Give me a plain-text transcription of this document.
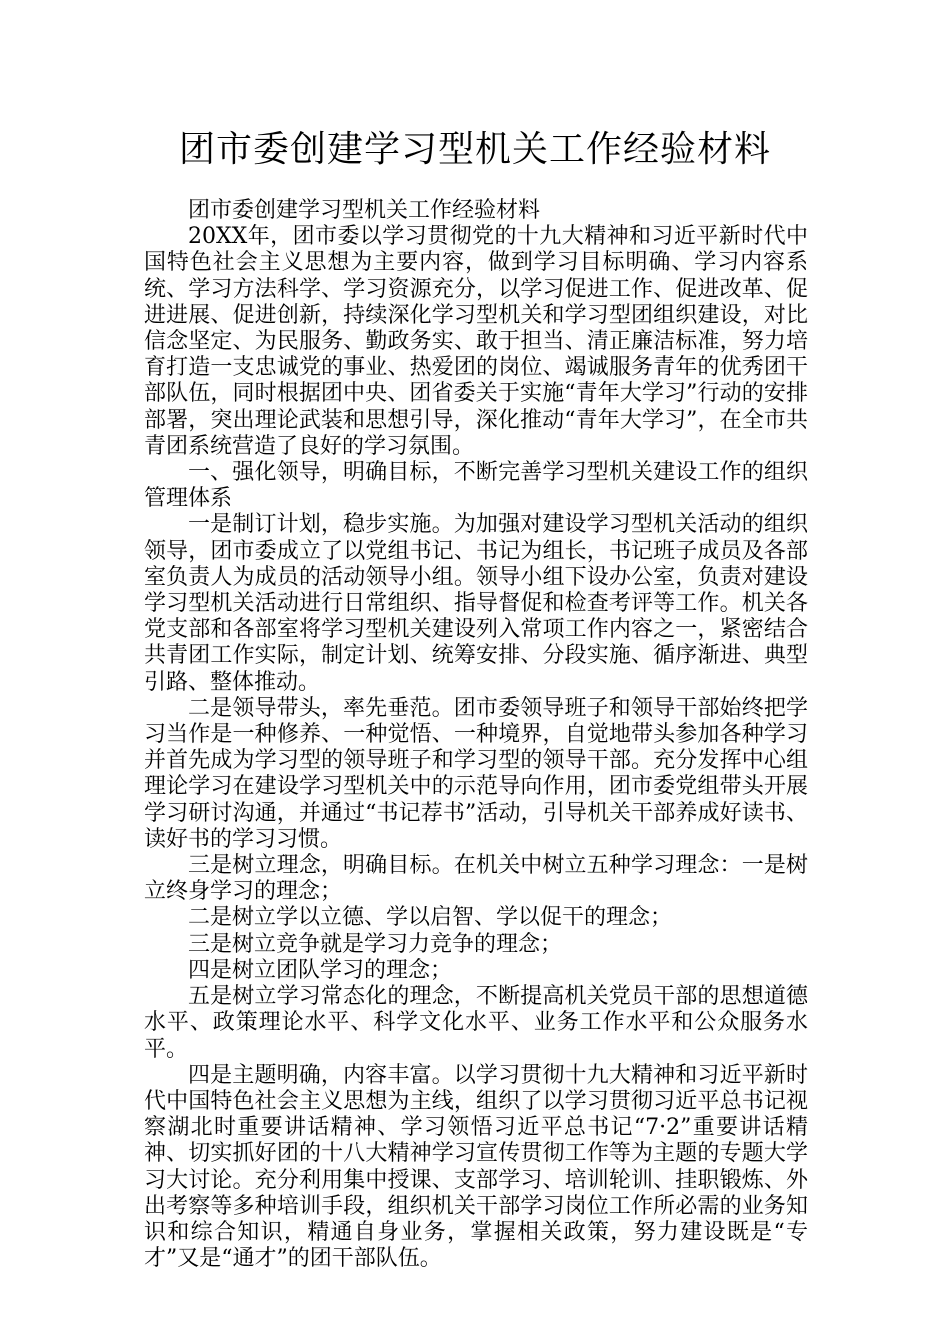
团市委创建学习型机关工作经验材料

团市委创建学习型机关工作经验材料

20XX年，团市委以学习贯彻党的十九大精神和习近平新时代中国特色社会主义思想为主要内容，做到学习目标明确、学习内容系统、学习方法科学、学习资源充分，以学习促进工作、促进改革、促进进展、促进创新，持续深化学习型机关和学习型团组织建设，对比信念坚定、为民服务、勤政务实、敢于担当、清正廉洁标准，努力培育打造一支忠诚党的事业、热爱团的岗位、竭诚服务青年的优秀团干部队伍，同时根据团中央、团省委关于实施“青年大学习”行动的安排部署，突出理论武装和思想引导，深化推动“青年大学习”，在全市共青团系统营造了良好的学习氛围。

一、强化领导，明确目标，不断完善学习型机关建设工作的组织管理体系

一是制订计划，稳步实施。为加强对建设学习型机关活动的组织领导，团市委成立了以党组书记、书记为组长，书记班子成员及各部室负责人为成员的活动领导小组。领导小组下设办公室，负责对建设学习型机关活动进行日常组织、指导督促和检查考评等工作。机关各党支部和各部室将学习型机关建设列入常项工作内容之一，紧密结合共青团工作实际，制定计划、统筹安排、分段实施、循序渐进、典型引路、整体推动。

二是领导带头，率先垂范。团市委领导班子和领导干部始终把学习当作是一种修养、一种觉悟、一种境界，自觉地带头参加各种学习并首先成为学习型的领导班子和学习型的领导干部。充分发挥中心组理论学习在建设学习型机关中的示范导向作用，团市委党组带头开展学习研讨沟通，并通过“书记荐书”活动，引导机关干部养成好读书、读好书的学习习惯。

三是树立理念，明确目标。在机关中树立五种学习理念：一是树立终身学习的理念；

二是树立学以立德、学以启智、学以促干的理念；

三是树立竞争就是学习力竞争的理念；

四是树立团队学习的理念；

五是树立学习常态化的理念，不断提高机关党员干部的思想道德水平、政策理论水平、科学文化水平、业务工作水平和公众服务水平。

四是主题明确，内容丰富。以学习贯彻十九大精神和习近平新时代中国特色社会主义思想为主线，组织了以学习贯彻习近平总书记视察湖北时重要讲话精神、学习领悟习近平总书记“7·2”重要讲话精神、切实抓好团的十八大精神学习宣传贯彻工作等为主题的专题大学习大讨论。充分利用集中授课、支部学习、培训轮训、挂职锻炼、外出考察等多种培训手段，组织机关干部学习岗位工作所必需的业务知识和综合知识，精通自身业务，掌握相关政策，努力建设既是“专才”又是“通才”的团干部队伍。
